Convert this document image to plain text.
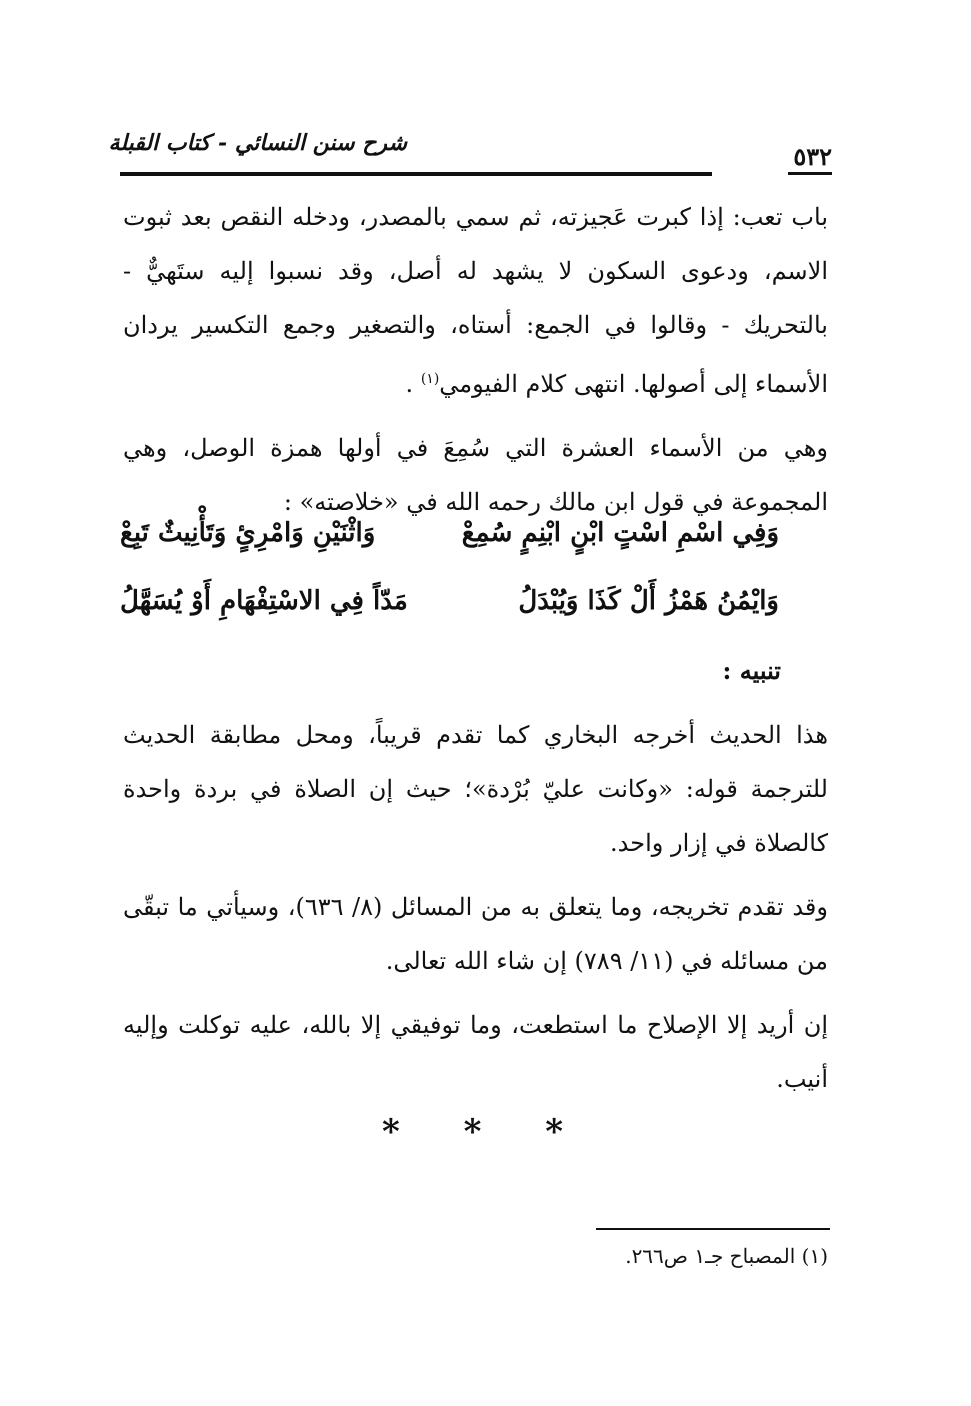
شرح سنن النسائي - كتاب القبلة	٥٣٢

باب تعب: إذا كبرت عَجيزته، ثم سمي بالمصدر، ودخله النقص بعد ثبوت الاسم، ودعوى السكون لا يشهد له أصل، وقد نسبوا إليه ستَهيٌّ - بالتحريك - وقالوا في الجمع: أستاه، والتصغير وجمع التكسير يردان الأسماء إلى أصولها. انتهى كلام الفيومي$^{(١)}$ .

وهي من الأسماء العشرة التي سُمِعَ في أولها همزة الوصل، وهي المجموعة في قول ابن مالك رحمه الله في «خلاصته» :

وَفِي اسْمِ اسْتٍ ابْنٍ ابْنِمٍ سُمِعْ
وَاثْنَيْنِ وَامْرِئٍ وَتَأْنِيثٌ تَبِعْ
وَايْمُنُ هَمْزُ أَلْ كَذَا وَيُبْدَلُ
مَدّاً فِي الاسْتِفْهَامِ أَوْ يُسَهَّلُ
تنبيه :

هذا الحديث أخرجه البخاري كما تقدم قريباً، ومحل مطابقة الحديث للترجمة قوله: «وكانت عليّ بُرْدة»؛ حيث إن الصلاة في بردة واحدة كالصلاة في إزار واحد.

وقد تقدم تخريجه، وما يتعلق به من المسائل (٨/ ٦٣٦)، وسيأتي ما تبقّى من مسائله في (١١/ ٧٨٩) إن شاء الله تعالى.

إن أريد إلا الإصلاح ما استطعت، وما توفيقي إلا بالله، عليه توكلت وإليه أنيب.

* * *
(١) المصباح جـ١ ص٢٦٦.
